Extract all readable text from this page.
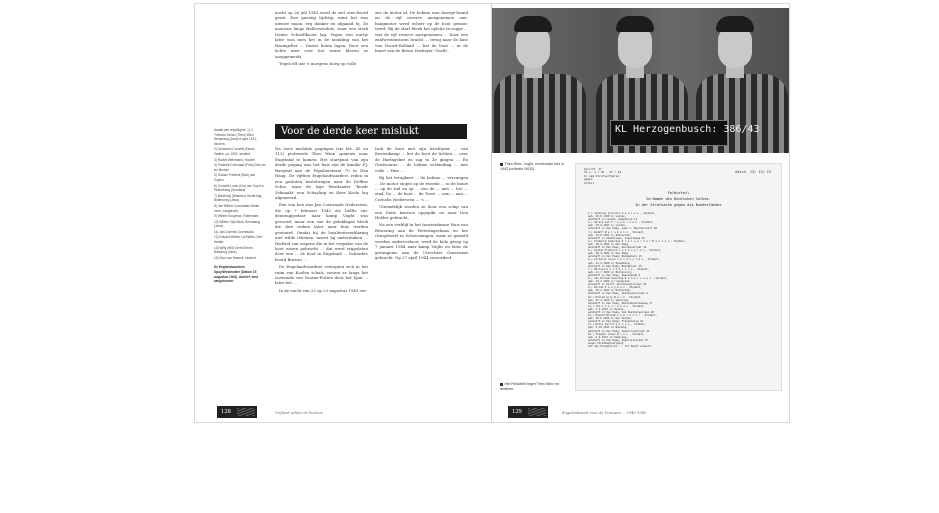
nacht op 26 juli 1943 werd de viel over-boord gezet. Een gunstig tijdstip, want het was nieuwe maan, erg donker en afgaand tij. Ze moesten langs Hellevoetsluis, waar een sterk Duitse Schnellboote lag. Tegen een uurtje later was men het in de monding van het Haringvliet ... Duitse boten lagen. Door een lichte mist over het water bleven ze onopgemerkt.

Tegen elf uur 's morgens sloeg op volle

zee de motor af. De bobine was doorge-brand en de vijf reserve meegenomen aan-hangmotor werd echter op de boot gemon-teerd. Bij de start bleek het opletje te-rugge ... wat de vijf reserve meegenomen ... Door een zuidwestenstorm bracht ... terug naar de kust van Noord-Holland ... het de boot ... in de buurt van de Britse Dorheyer 'Garth'.

Aantal van vrijwilligers: 1) J. Theodor Johan (Theo) Winx, Semarang (Java) 6 april 1921, student.

2) Johannes Cornelis (Hans) Zaalen, ca. 1921, student.

3) Rudolf Welsmann, Hooder

4) Frederik Coenraad (Frits) Drie-ver ter Meulen.

5) Gustav Frederik (Bob) van Zuylen.

6) Cornelis Louis (Cor) van Zuy-len, Pelembang (Sumatra).

7) Mar(inus) (Maarten) Gulde-ling, Buitenzorg (Java).

8) Jan Willem Coenraads Neder-veen, Langbroek.

9) Willem Kooyman, Rotterdam.

10) Willem Gijs Beck, Semarang (Java).

11) Jan Cornelis Coenraads.

12) Eduard Willem La Ridder, Den Helder.

13) Willy (Wil) Gerrit Senne, Bandung (Java).

14) Nico van Hasselt, student.

De Englandvaarders Spuy/Westmutter (Datum 15 augustus 1943). Aanhef: eind aangekomen

Voor de derde keer mislukt

Na twee mislukte pogingen (zie blz. 45 en 113) probeerde Theo Winx opnieuw naar Engeland te komen. Het startpunt van zijn derde poging was het huis van de familie P.J. Burgwal aan de Populierstraat 70 in Den Haag. De vijftien Engelandvaarders reden in een gesloten bestelwagen naar de Delftse Schie, waar de lege Westlander 'Roodt Volmaakt' een Schuyling en Kees Koole lag afgemeerd.

Een van hen was Jan Coenraads Nederveen, die op 7 februari 1943 als Delfts stu-dentengijzelaar naar kamp Vught was gevoerd, maar een van de gelukkigen bleek die drie weken later naar huis werden gestuurd. Omdat hij de loyaliteitsverklaring niet wilde tekenen, moest hij onderduiken ... Diefstal van wapens die in het verpakte van de boot waren gebracht ... dat werd vrijgelaten door een ... de boot in Engeland ... Schrader, bootd Bureau ...

De Engelandvaarders ventopten zich in het ruim van Koolen schuit, voeren ze langs het oosteinde van Voorne-Putten door het Spui ... later het ...

In de nacht van 22 op 23 augustus 1943 ver-

trok de boot met zijn leuchtpier ... van Keetenkamp ... liet de boot de lichten ... over de Haringvliet en zag in Ze gingen ... En Oostvoorne ... de bobine verbinding ... met volle ... Hun ...

Bij het terugkeer ... de bobine ... vervangen ... De motor stopte op de tweede ... in de buurt ... op de wal en op ... van de ... met ... het ... eind. De ... de boot ... de Twee ... sein ... aan ... Cornelis Nederveen ... 's ...

Uiteindelijk werden ze door een schip van een Duits konvooi opgepikt en naar Den Helder gebracht.

Na een verblijf in het Amsterdamse Huis van Bewaring aan de Weteringschans en het Oranjehotel in Scheveningen, waar ze gemeld werden onderverhoor, werd de hele groep op 7 januari 1944 naar kamp Vught en later de gevangenis aan de Utrechtse Grasstraat gebracht. Op 27 april 1944 veroordeel-

128	Vrijheid achter de horizon
KL Herzogenbusch: 386/43
Theo Winx, Vught, vernieuwde foto in 1943 (collectie NIOD).	Gericht 'D'
St.L. 3 / 76 - 47 / 44
In dem Strafverfahren
gegen
Urteil
Gesch. 13/ 13/ 13
Feldurteil
Im Namen des Deutschen Volkes.
In der Strafsache gegen die Niederländer

1.) Johannes Cornelis Z a a l e n , Student,

geb. 28.8.1920 in Leiden,

wohnhaft in Leiden, Rapenburg 11

2.) Gerard Jan V r e e b r o e k , Student,

geb. 19.9.1923 in Leiden,

wohnhaft in Den Haag, Laan v. Meerdervoort 86

3.) Rudolf W e l s m a n n , Student,

geb. 24.8.1921 in Amsterdam,

wohnhaft in Amstelveen, Augustaweg 92

4.) Frederik Coenraad D r e i v e r t e r M e u l e n , Student,

geb. 28.9.1922 in Den Haag,

wohnhaft in Den Haag, Reinkenstraat 16

5.) Gustav Frederik v a n Z u y l e n , Student,

geb. 18.4.1922 in Den Haag,

wohnhaft in Den Haag, Bankaplein 15

6.) Cornelis Louis v a n Z u y l e n , Student,

geb. 23.5.1920 in Palembang,

wohnhaft in Den Haag, Bankaplein 15

7.) Marinus G u l d e l i n g , Student,

geb. 11.7.1920 in Buitenzorg,

wohnhaft in Den Haag, Nassaukade 9

8.) Jan Willem Coenraad N e d e r v e e n , Student,

geb. 19.2.1922 in Langbroek,

wohnhaft in Delft, Buitenwatersloot 22

9.) Willem K o o y m a n , Student,

geb. 26.3.1921 in Rotterdam,

wohnhaft in Den Haag, Stadhouderslaan 4

10.) Willem Gijs B e c k , Student,

geb. 27.4.1922 in Semarang,

wohnhaft in Den Haag, Bezuidenhoutseweg 17

11.) Jan C o e n r a a d s , Student,

geb. 3.1.1923 in Zwolle,

wohnhaft in Den Haag, Van Boetzelaerlaan 20

12.) Eduard Willem L a R i d d e r , Student,

geb. 30.6.1922 in Den Helder,

wohnhaft in Den Haag, Frankenslag 10

13.) Willy Gerrit S e n n e , Student,

geb. 4.10.1921 in Bandung,

wohnhaft in Den Haag, Sweelinckstraat 44

14.) Theodor Johan W i n x , Student,

geb. 6.4.1921 in Semarang,

wohnhaft in Den Haag, Populierstraat 70

wegen Feindbegünstigung

hat das Feldgericht ... für Recht erkannt:

Het Feldurteil tegen Theo Winx en anderen.
129	Engelandvaart voor de Vrouwen ... 1940-1945
